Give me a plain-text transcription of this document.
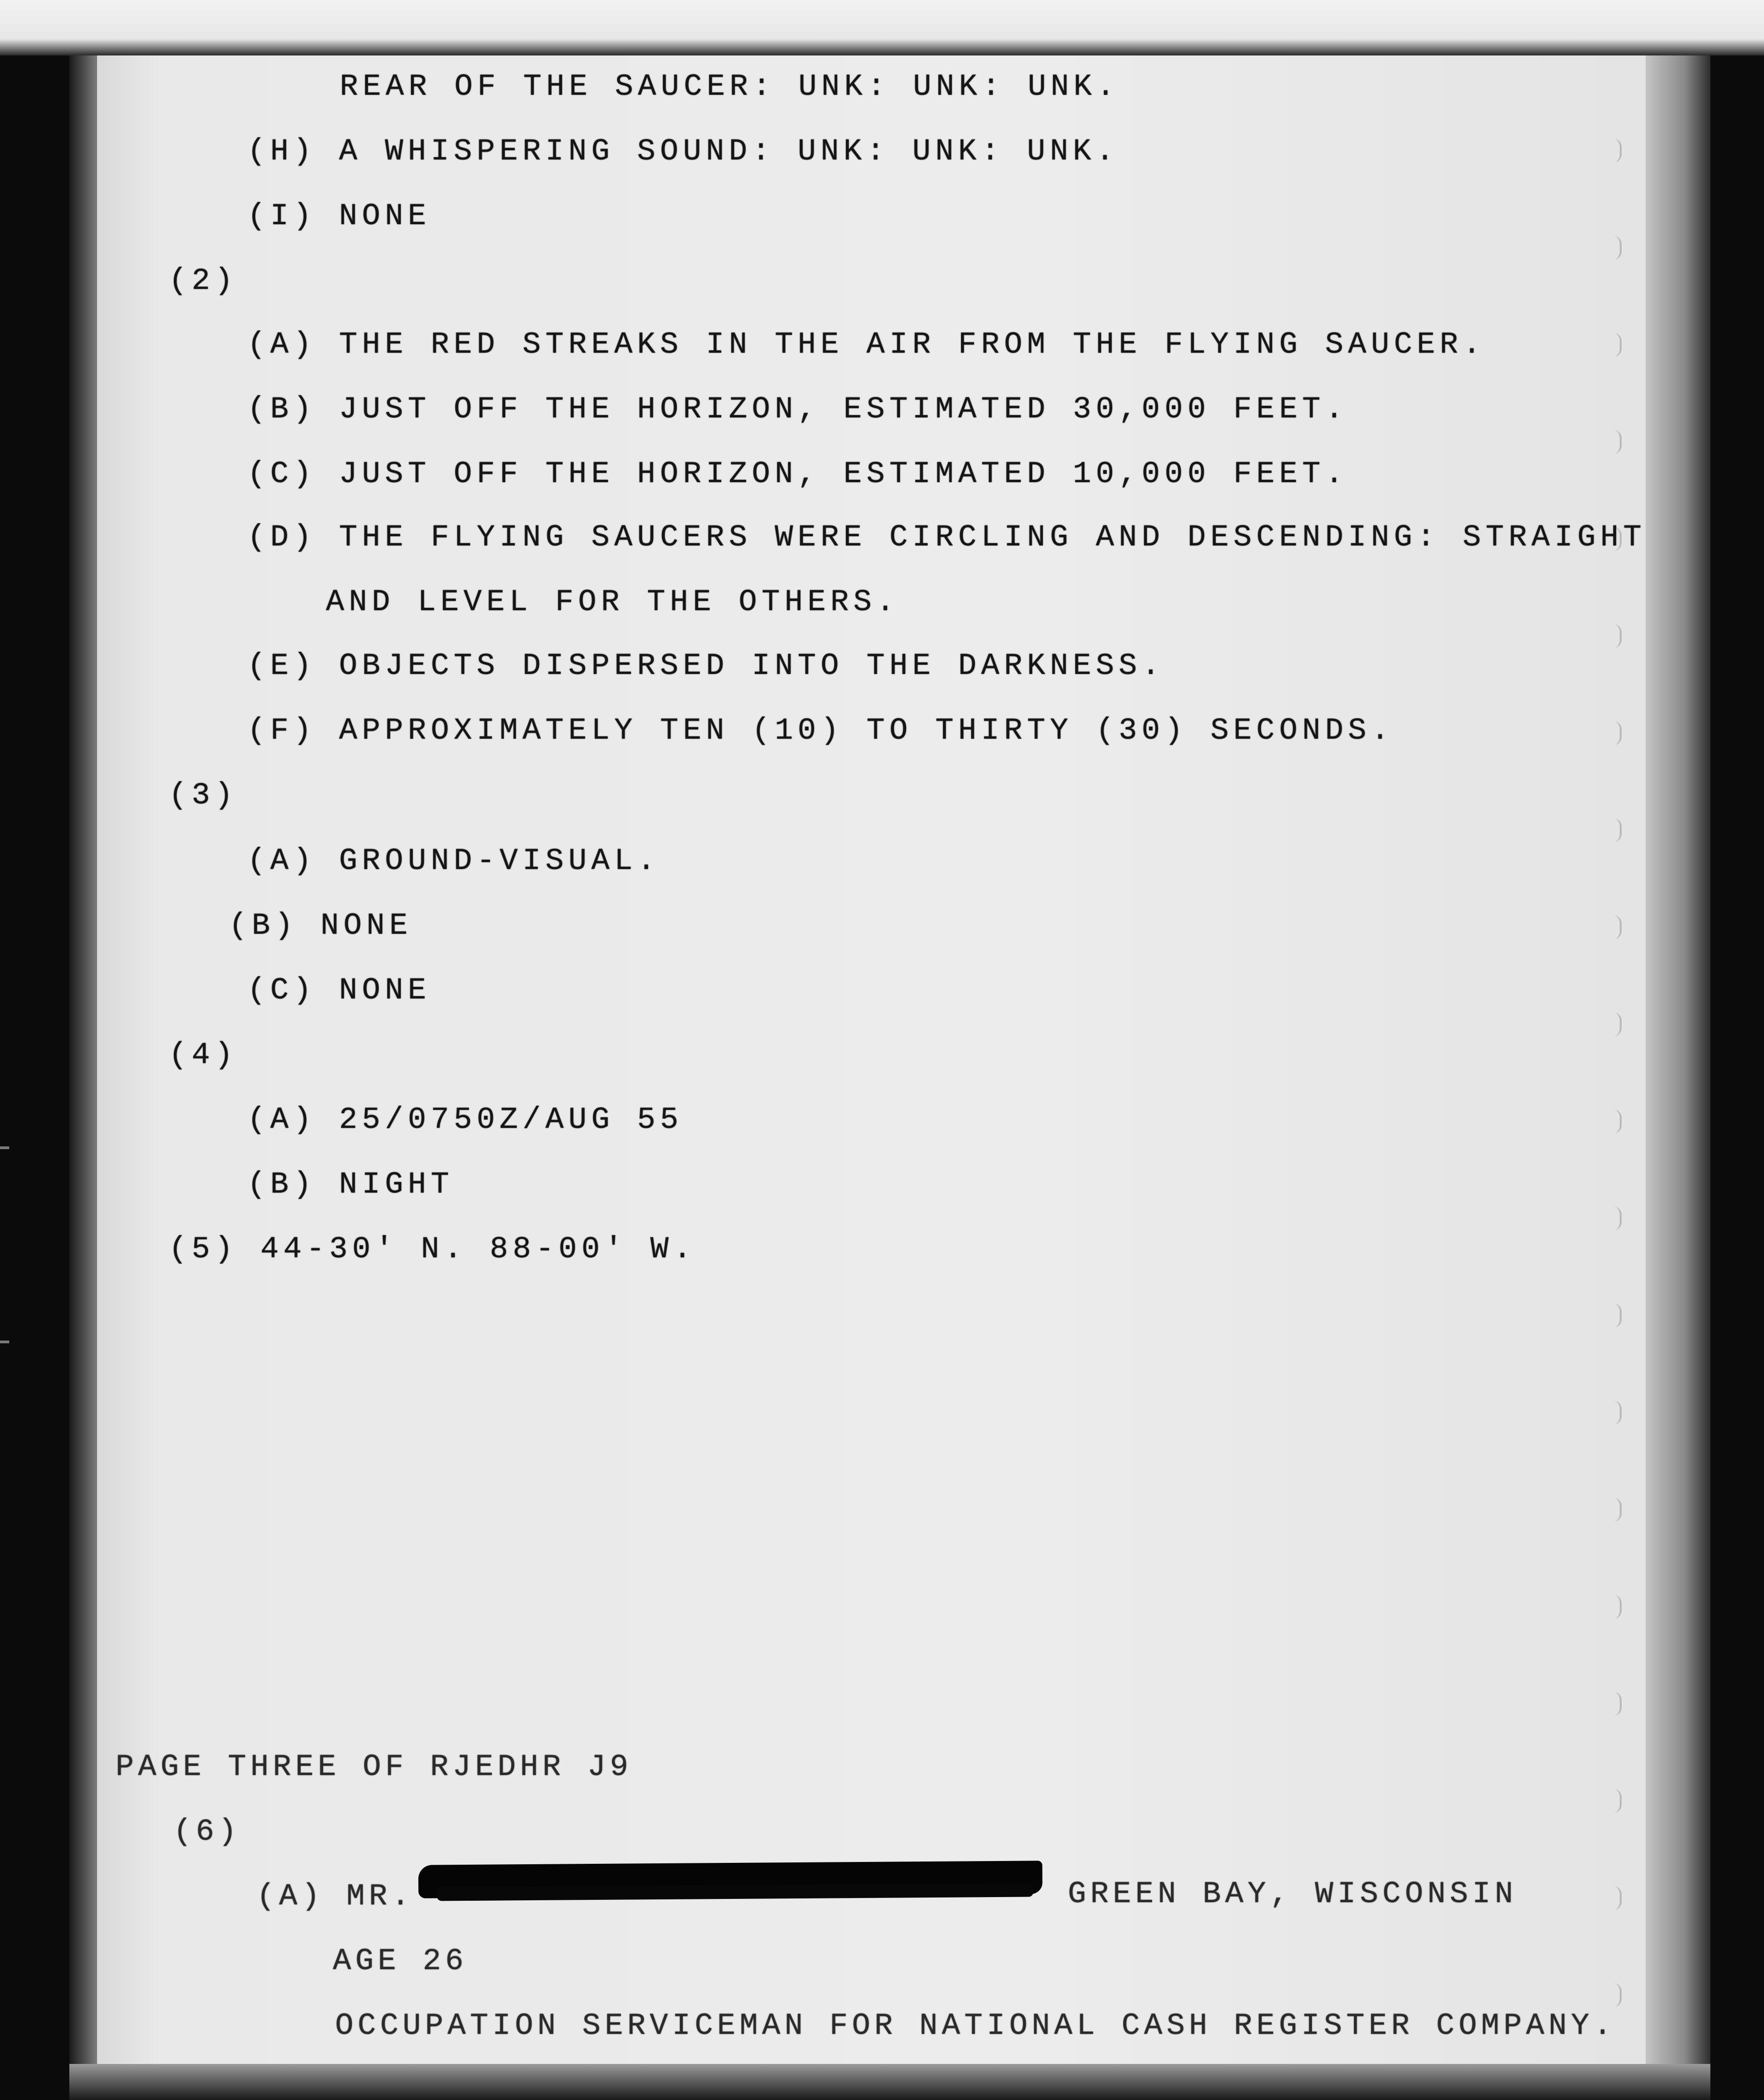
REAR OF THE SAUCER: UNK: UNK: UNK.
(H) A WHISPERING SOUND: UNK: UNK: UNK.
(I) NONE
(2)
(A) THE RED STREAKS IN THE AIR FROM THE FLYING SAUCER.
(B) JUST OFF THE HORIZON, ESTIMATED 30,000 FEET.
(C) JUST OFF THE HORIZON, ESTIMATED 10,000 FEET.
(D) THE FLYING SAUCERS WERE CIRCLING AND DESCENDING: STRAIGHT
AND LEVEL FOR THE OTHERS.
(E) OBJECTS DISPERSED INTO THE DARKNESS.
(F) APPROXIMATELY TEN (10) TO THIRTY (30) SECONDS.
(3)
(A) GROUND-VISUAL.
(B) NONE
(C) NONE
(4)
(A) 25/0750Z/AUG 55
(B) NIGHT
(5) 44-30' N. 88-00' W.
PAGE THREE OF RJEDHR J9
(6)
(A) MR.	GREEN BAY, WISCONSIN
AGE 26
OCCUPATION SERVICEMAN FOR NATIONAL CASH REGISTER COMPANY.
